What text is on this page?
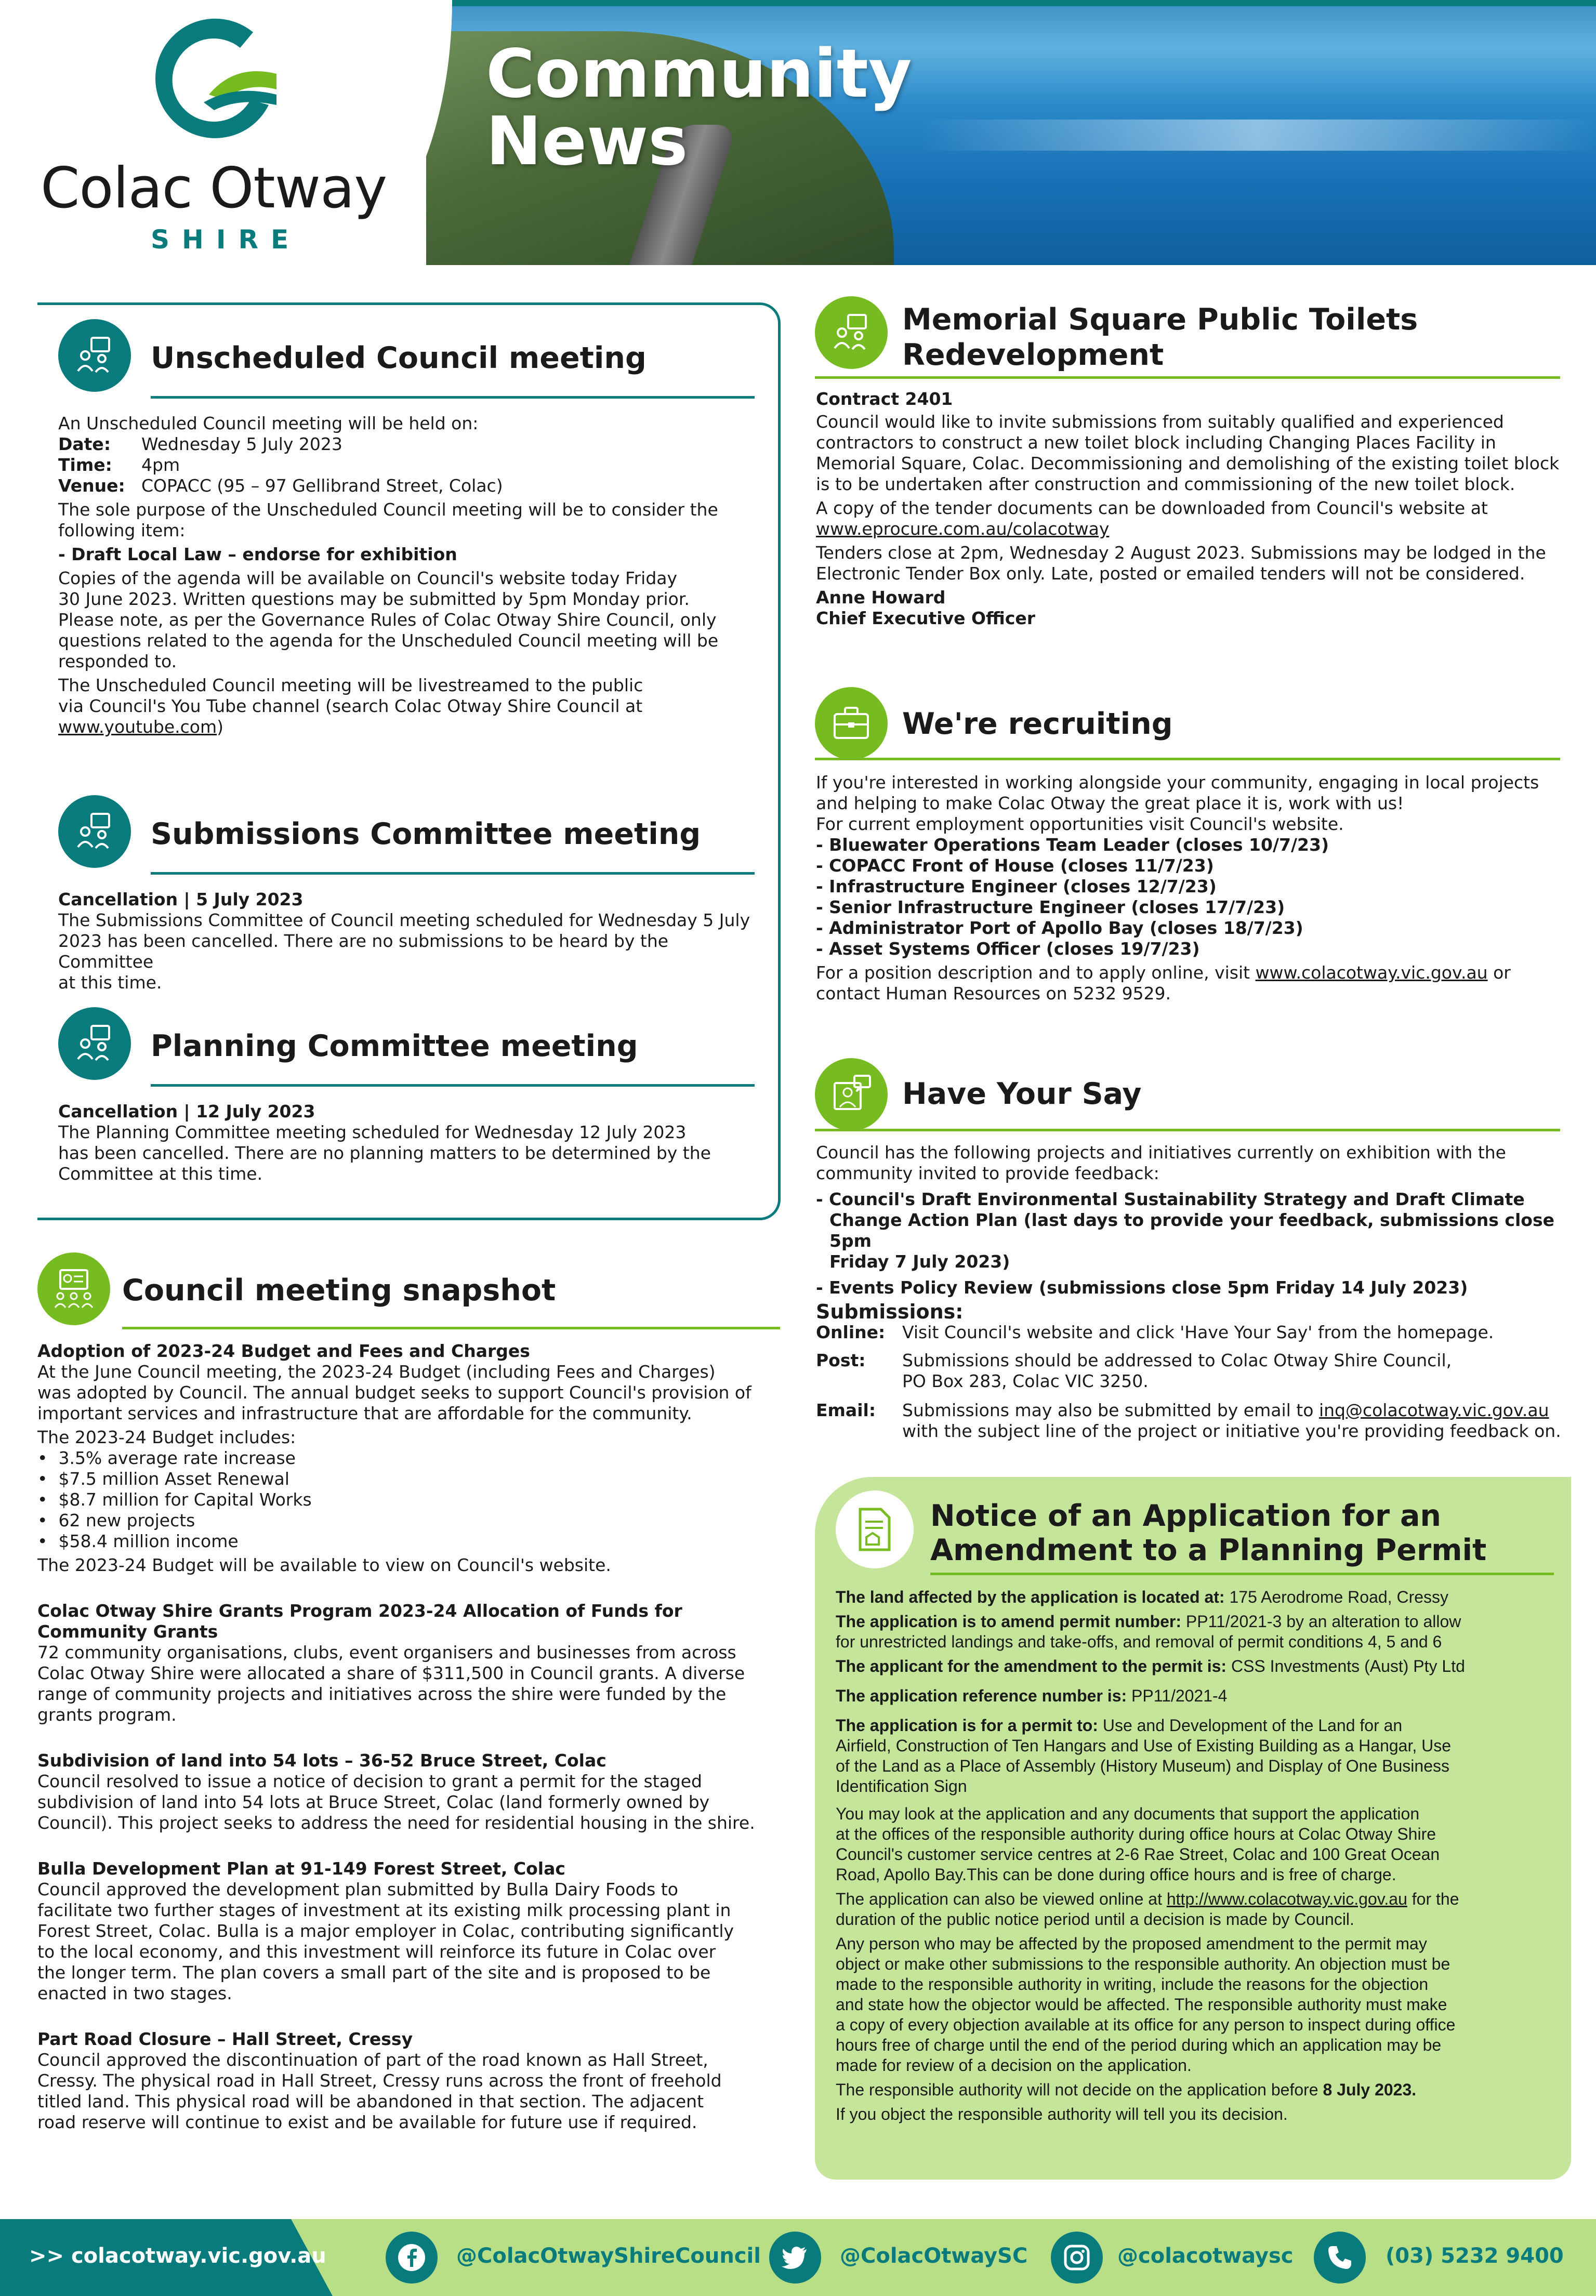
Colac Otway
SHIRE
Community
News
Unscheduled Council meeting

An Unscheduled Council meeting will be held on:

Date: Wednesday 5 July 2023

Time: 4pm

Venue: COPACC (95 – 97 Gellibrand Street, Colac)

The sole purpose of the Unscheduled Council meeting will be to consider the

following item:

- Draft Local Law – endorse for exhibition

Copies of the agenda will be available on Council's website today Friday

30 June 2023. Written questions may be submitted by 5pm Monday prior.

Please note, as per the Governance Rules of Colac Otway Shire Council, only

questions related to the agenda for the Unscheduled Council meeting will be

responded to.

The Unscheduled Council meeting will be livestreamed to the public

via Council's You Tube channel (search Colac Otway Shire Council at

www.youtube.com)

Submissions Committee meeting

Cancellation | 5 July 2023

The Submissions Committee of Council meeting scheduled for Wednesday 5 July

2023 has been cancelled. There are no submissions to be heard by the Committee

at this time.

Planning Committee meeting

Cancellation | 12 July 2023

The Planning Committee meeting scheduled for Wednesday 12 July 2023

has been cancelled. There are no planning matters to be determined by the

Committee at this time.

Council meeting snapshot

Adoption of 2023-24 Budget and Fees and Charges

At the June Council meeting, the 2023-24 Budget (including Fees and Charges)

was adopted by Council. The annual budget seeks to support Council's provision of

important services and infrastructure that are affordable for the community.

The 2023-24 Budget includes:

•  3.5% average rate increase

•  $7.5 million Asset Renewal

•  $8.7 million for Capital Works

•  62 new projects

•  $58.4 million income

The 2023-24 Budget will be available to view on Council's website.

Colac Otway Shire Grants Program 2023-24 Allocation of Funds for

Community Grants

72 community organisations, clubs, event organisers and businesses from across

Colac Otway Shire were allocated a share of $311,500 in Council grants. A diverse

range of community projects and initiatives across the shire were funded by the

grants program.

Subdivision of land into 54 lots – 36-52 Bruce Street, Colac

Council resolved to issue a notice of decision to grant a permit for the staged

subdivision of land into 54 lots at Bruce Street, Colac (land formerly owned by

Council). This project seeks to address the need for residential housing in the shire.

Bulla Development Plan at 91-149 Forest Street, Colac

Council approved the development plan submitted by Bulla Dairy Foods to

facilitate two further stages of investment at its existing milk processing plant in

Forest Street, Colac. Bulla is a major employer in Colac, contributing significantly

to the local economy, and this investment will reinforce its future in Colac over

the longer term. The plan covers a small part of the site and is proposed to be

enacted in two stages.

Part Road Closure – Hall Street, Cressy

Council approved the discontinuation of part of the road known as Hall Street,

Cressy. The physical road in Hall Street, Cressy runs across the front of freehold

titled land. This physical road will be abandoned in that section. The adjacent

road reserve will continue to exist and be available for future use if required.

Memorial Square Public Toilets
Redevelopment

Contract 2401

Council would like to invite submissions from suitably qualified and experienced

contractors to construct a new toilet block including Changing Places Facility in

Memorial Square, Colac. Decommissioning and demolishing of the existing toilet block

is to be undertaken after construction and commissioning of the new toilet block.

A copy of the tender documents can be downloaded from Council's website at

www.eprocure.com.au/colacotway

Tenders close at 2pm, Wednesday 2 August 2023. Submissions may be lodged in the

Electronic Tender Box only. Late, posted or emailed tenders will not be considered.

Anne Howard

Chief Executive Officer

We're recruiting

If you're interested in working alongside your community, engaging in local projects

and helping to make Colac Otway the great place it is, work with us!

For current employment opportunities visit Council's website.

- Bluewater Operations Team Leader (closes 10/7/23)

- COPACC Front of House (closes 11/7/23)

- Infrastructure Engineer (closes 12/7/23)

- Senior Infrastructure Engineer (closes 17/7/23)

- Administrator Port of Apollo Bay (closes 18/7/23)

- Asset Systems Officer (closes 19/7/23)

For a position description and to apply online, visit www.colacotway.vic.gov.au or

contact Human Resources on 5232 9529.

Have Your Say

Council has the following projects and initiatives currently on exhibition with the

community invited to provide feedback:

- Council's Draft Environmental Sustainability Strategy and Draft Climate

Change Action Plan (last days to provide your feedback, submissions close 5pm

Friday 7 July 2023)

- Events Policy Review (submissions close 5pm Friday 14 July 2023)

Submissions:

Online: Visit Council's website and click 'Have Your Say' from the homepage.
Post: Submissions should be addressed to Colac Otway Shire Council,

PO Box 283, Colac VIC 3250.

Email: Submissions may also be submitted by email to inq@colacotway.vic.gov.au

with the subject line of the project or initiative you're providing feedback on.

Notice of an Application for an
Amendment to a Planning Permit

The land affected by the application is located at: 175 Aerodrome Road, Cressy

The application is to amend permit number: PP11/2021-3 by an alteration to allow

for unrestricted landings and take-offs, and removal of permit conditions 4, 5 and 6

The applicant for the amendment to the permit is: CSS Investments (Aust) Pty Ltd

The application reference number is: PP11/2021-4

The application is for a permit to: Use and Development of the Land for an

Airfield, Construction of Ten Hangars and Use of Existing Building as a Hangar, Use

of the Land as a Place of Assembly (History Museum) and Display of One Business

Identification Sign

You may look at the application and any documents that support the application

at the offices of the responsible authority during office hours at Colac Otway Shire

Council's customer service centres at 2-6 Rae Street, Colac and 100 Great Ocean

Road, Apollo Bay.This can be done during office hours and is free of charge.

The application can also be viewed online at http://www.colacotway.vic.gov.au for the

duration of the public notice period until a decision is made by Council.

Any person who may be affected by the proposed amendment to the permit may

object or make other submissions to the responsible authority. An objection must be

made to the responsible authority in writing, include the reasons for the objection

and state how the objector would be affected. The responsible authority must make

a copy of every objection available at its office for any person to inspect during office

hours free of charge until the end of the period during which an application may be

made for review of a decision on the application.

The responsible authority will not decide on the application before 8 July 2023.

If you object the responsible authority will tell you its decision.

>> colacotway.vic.gov.au	@ColacOtwayShireCouncil	@ColacOtwaySC	@colacotwaysc	(03) 5232 9400
